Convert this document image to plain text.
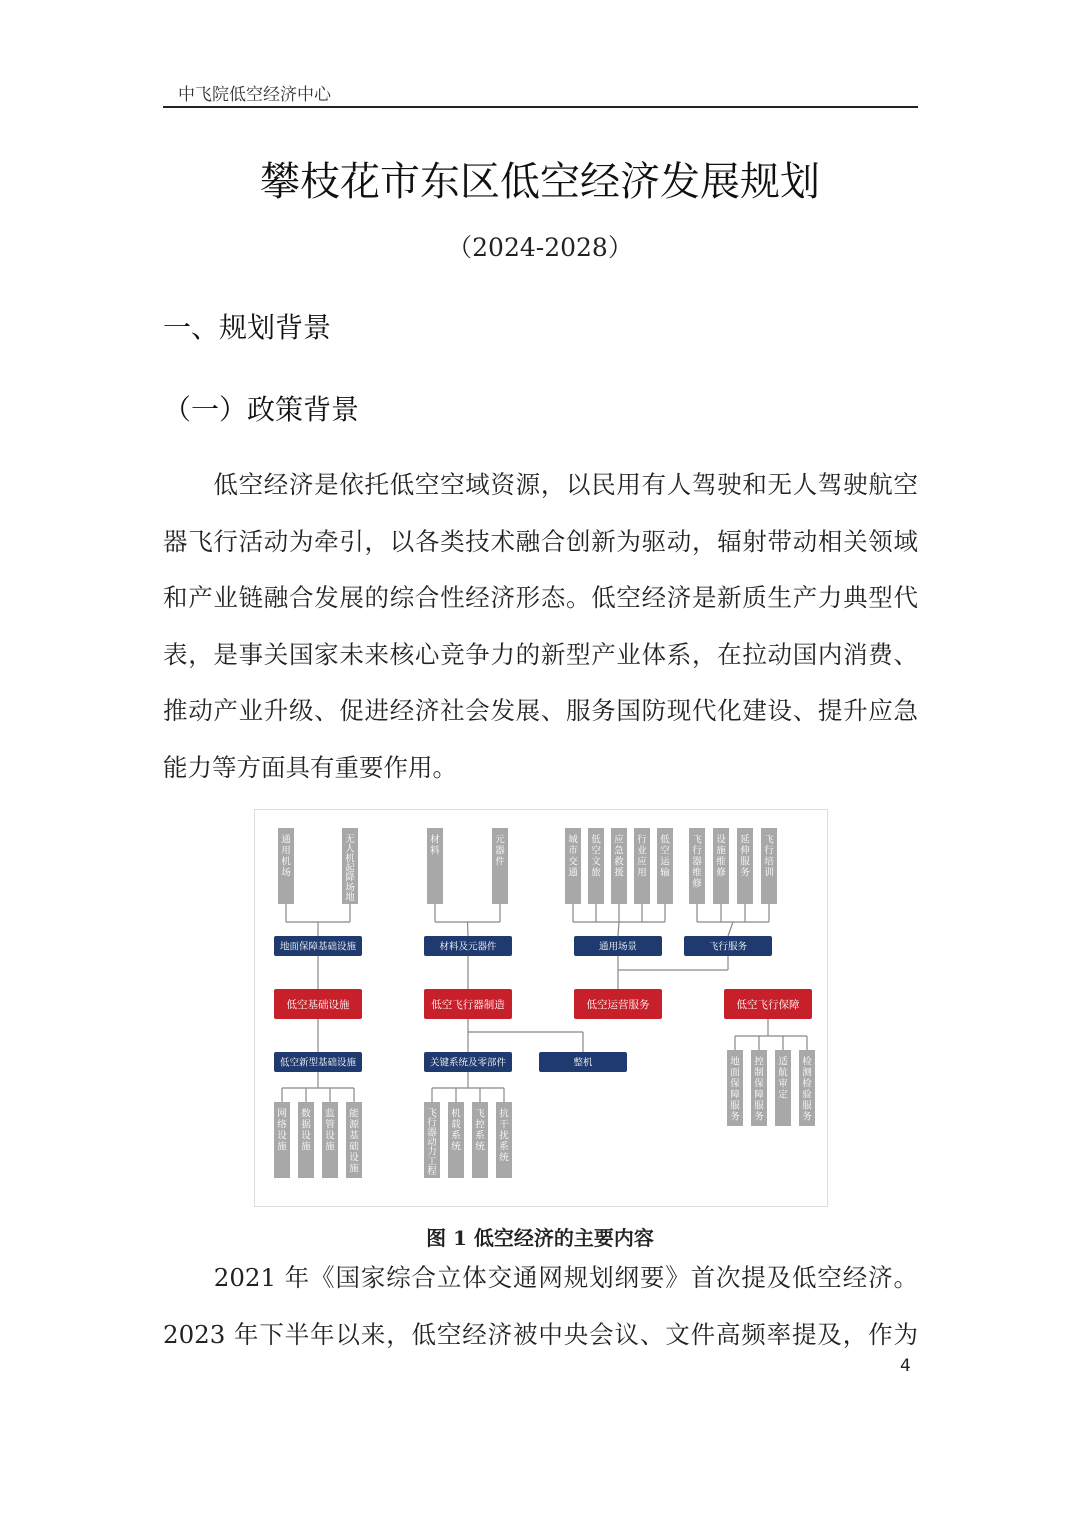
中飞院低空经济中心
攀枝花市东区低空经济发展规划
（2024-2028）
一、规划背景
（一）政策背景
　　低空经济是依托低空空域资源，以民用有人驾驶和无人驾驶航空
器飞行活动为牵引，以各类技术融合创新为驱动，辐射带动相关领域
和产业链融合发展的综合性经济形态。低空经济是新质生产力典型代
表，是事关国家未来核心竞争力的新型产业体系，在拉动国内消费、
推动产业升级、促进经济社会发展、服务国防现代化建设、提升应急
能力等方面具有重要作用。
通
用
机
场
无
人
机
起
降
场
地
材
料
元
器
件
城
市
交
通
低
空
文
旅
应
急
救
援
行
业
应
用
低
空
运
输
飞
行
器
维
修
设
施
维
修
延
伸
服
务
飞
行
培
训
地面保障基础设施	材料及元器件	通用场景	飞行服务
低空基础设施	低空飞行器制造	低空运营服务	低空飞行保障
低空新型基础设施	关键系统及零部件	整机
网
络
设
施
数
据
设
施
监
管
设
施
能
源
基
础
设
施
飞
行
器
动
力
工
程
机
载
系
统
飞
控
系
统
抗
干
扰
系
统
地
面
保
障
服
务
控
制
保
障
服
务
适
航
审
定
检
测
检
验
服
务
图 1 低空经济的主要内容
　　2021 年《国家综合立体交通网规划纲要》首次提及低空经济。
2023 年下半年以来，低空经济被中央会议、文件高频率提及，作为
4
